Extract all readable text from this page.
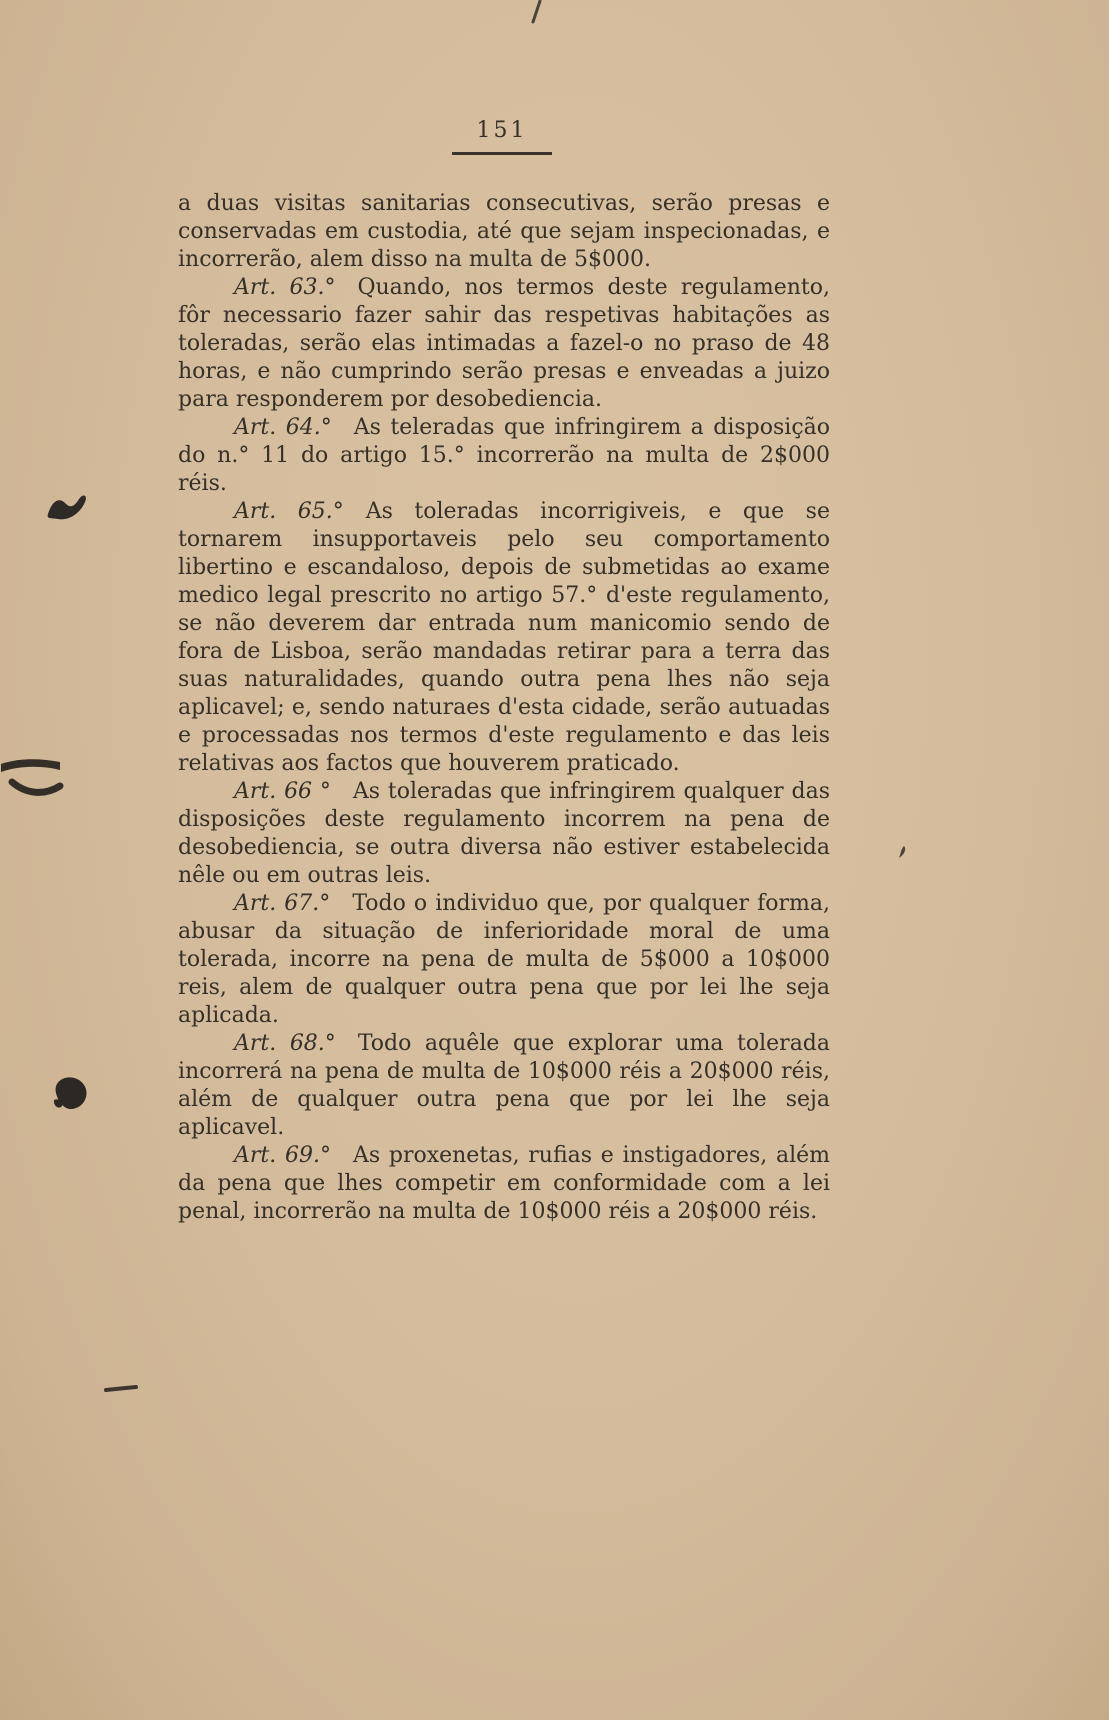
151

a duas visitas sanitarias consecutivas, serão presas e conservadas em custodia, até que sejam inspecionadas, e incorrerão, alem disso na multa de 5$000.

Art. 63.° Quando, nos termos deste regulamento, fôr necessario fazer sahir das respetivas habitações as toleradas, serão elas intimadas a fazel-o no praso de 48 horas, e não cumprindo serão presas e enveadas a juizo para responderem por desobediencia.

Art. 64.° As teleradas que infringirem a disposição do n.° 11 do artigo 15.° incorrerão na multa de 2$000 réis.

Art. 65.° As toleradas incorrigiveis, e que se tornarem insupportaveis pelo seu comportamento libertino e escandaloso, depois de submetidas ao exame medico legal prescrito no artigo 57.° d'este regulamento, se não deverem dar entrada num manicomio sendo de fora de Lisboa, serão mandadas retirar para a terra das suas naturalidades, quando outra pena lhes não seja aplicavel; e, sendo naturaes d'esta cidade, serão autuadas e processadas nos termos d'este regulamento e das leis relativas aos factos que houverem praticado.

Art. 66 ° As toleradas que infringirem qualquer das disposições deste regulamento incorrem na pena de desobediencia, se outra diversa não estiver estabelecida nêle ou em outras leis.

Art. 67.° Todo o individuo que, por qualquer forma, abusar da situação de inferioridade moral de uma tolerada, incorre na pena de multa de 5$000 a 10$000 reis, alem de qualquer outra pena que por lei lhe seja aplicada.

Art. 68.° Todo aquêle que explorar uma tolerada incorrerá na pena de multa de 10$000 réis a 20$000 réis, além de qualquer outra pena que por lei lhe seja aplicavel.

Art. 69.° As proxenetas, rufias e instigadores, além da pena que lhes competir em conformidade com a lei penal, incorrerão na multa de 10$000 réis a 20$000 réis.
